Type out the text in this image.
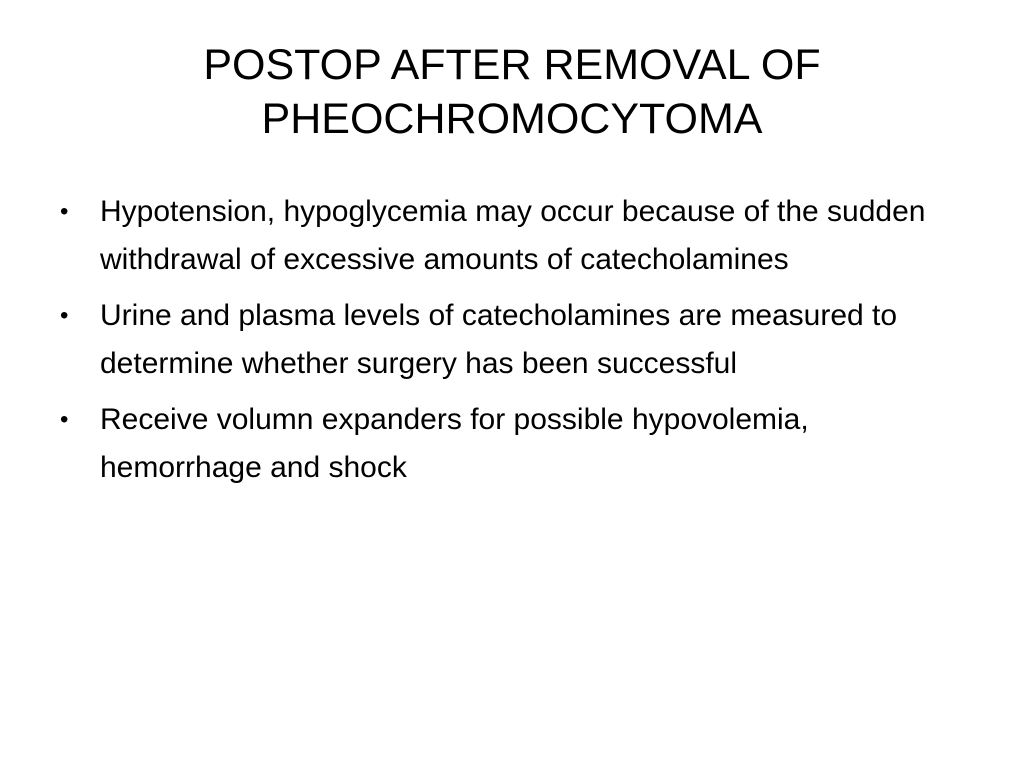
POSTOP AFTER REMOVAL OF
PHEOCHROMOCYTOMA
• Hypotension, hypoglycemia may occur because of the sudden withdrawal of excessive amounts of catecholamines
• Urine and plasma levels of catecholamines are measured to determine whether surgery has been successful
• Receive volumn expanders for possible hypovolemia, hemorrhage and shock
